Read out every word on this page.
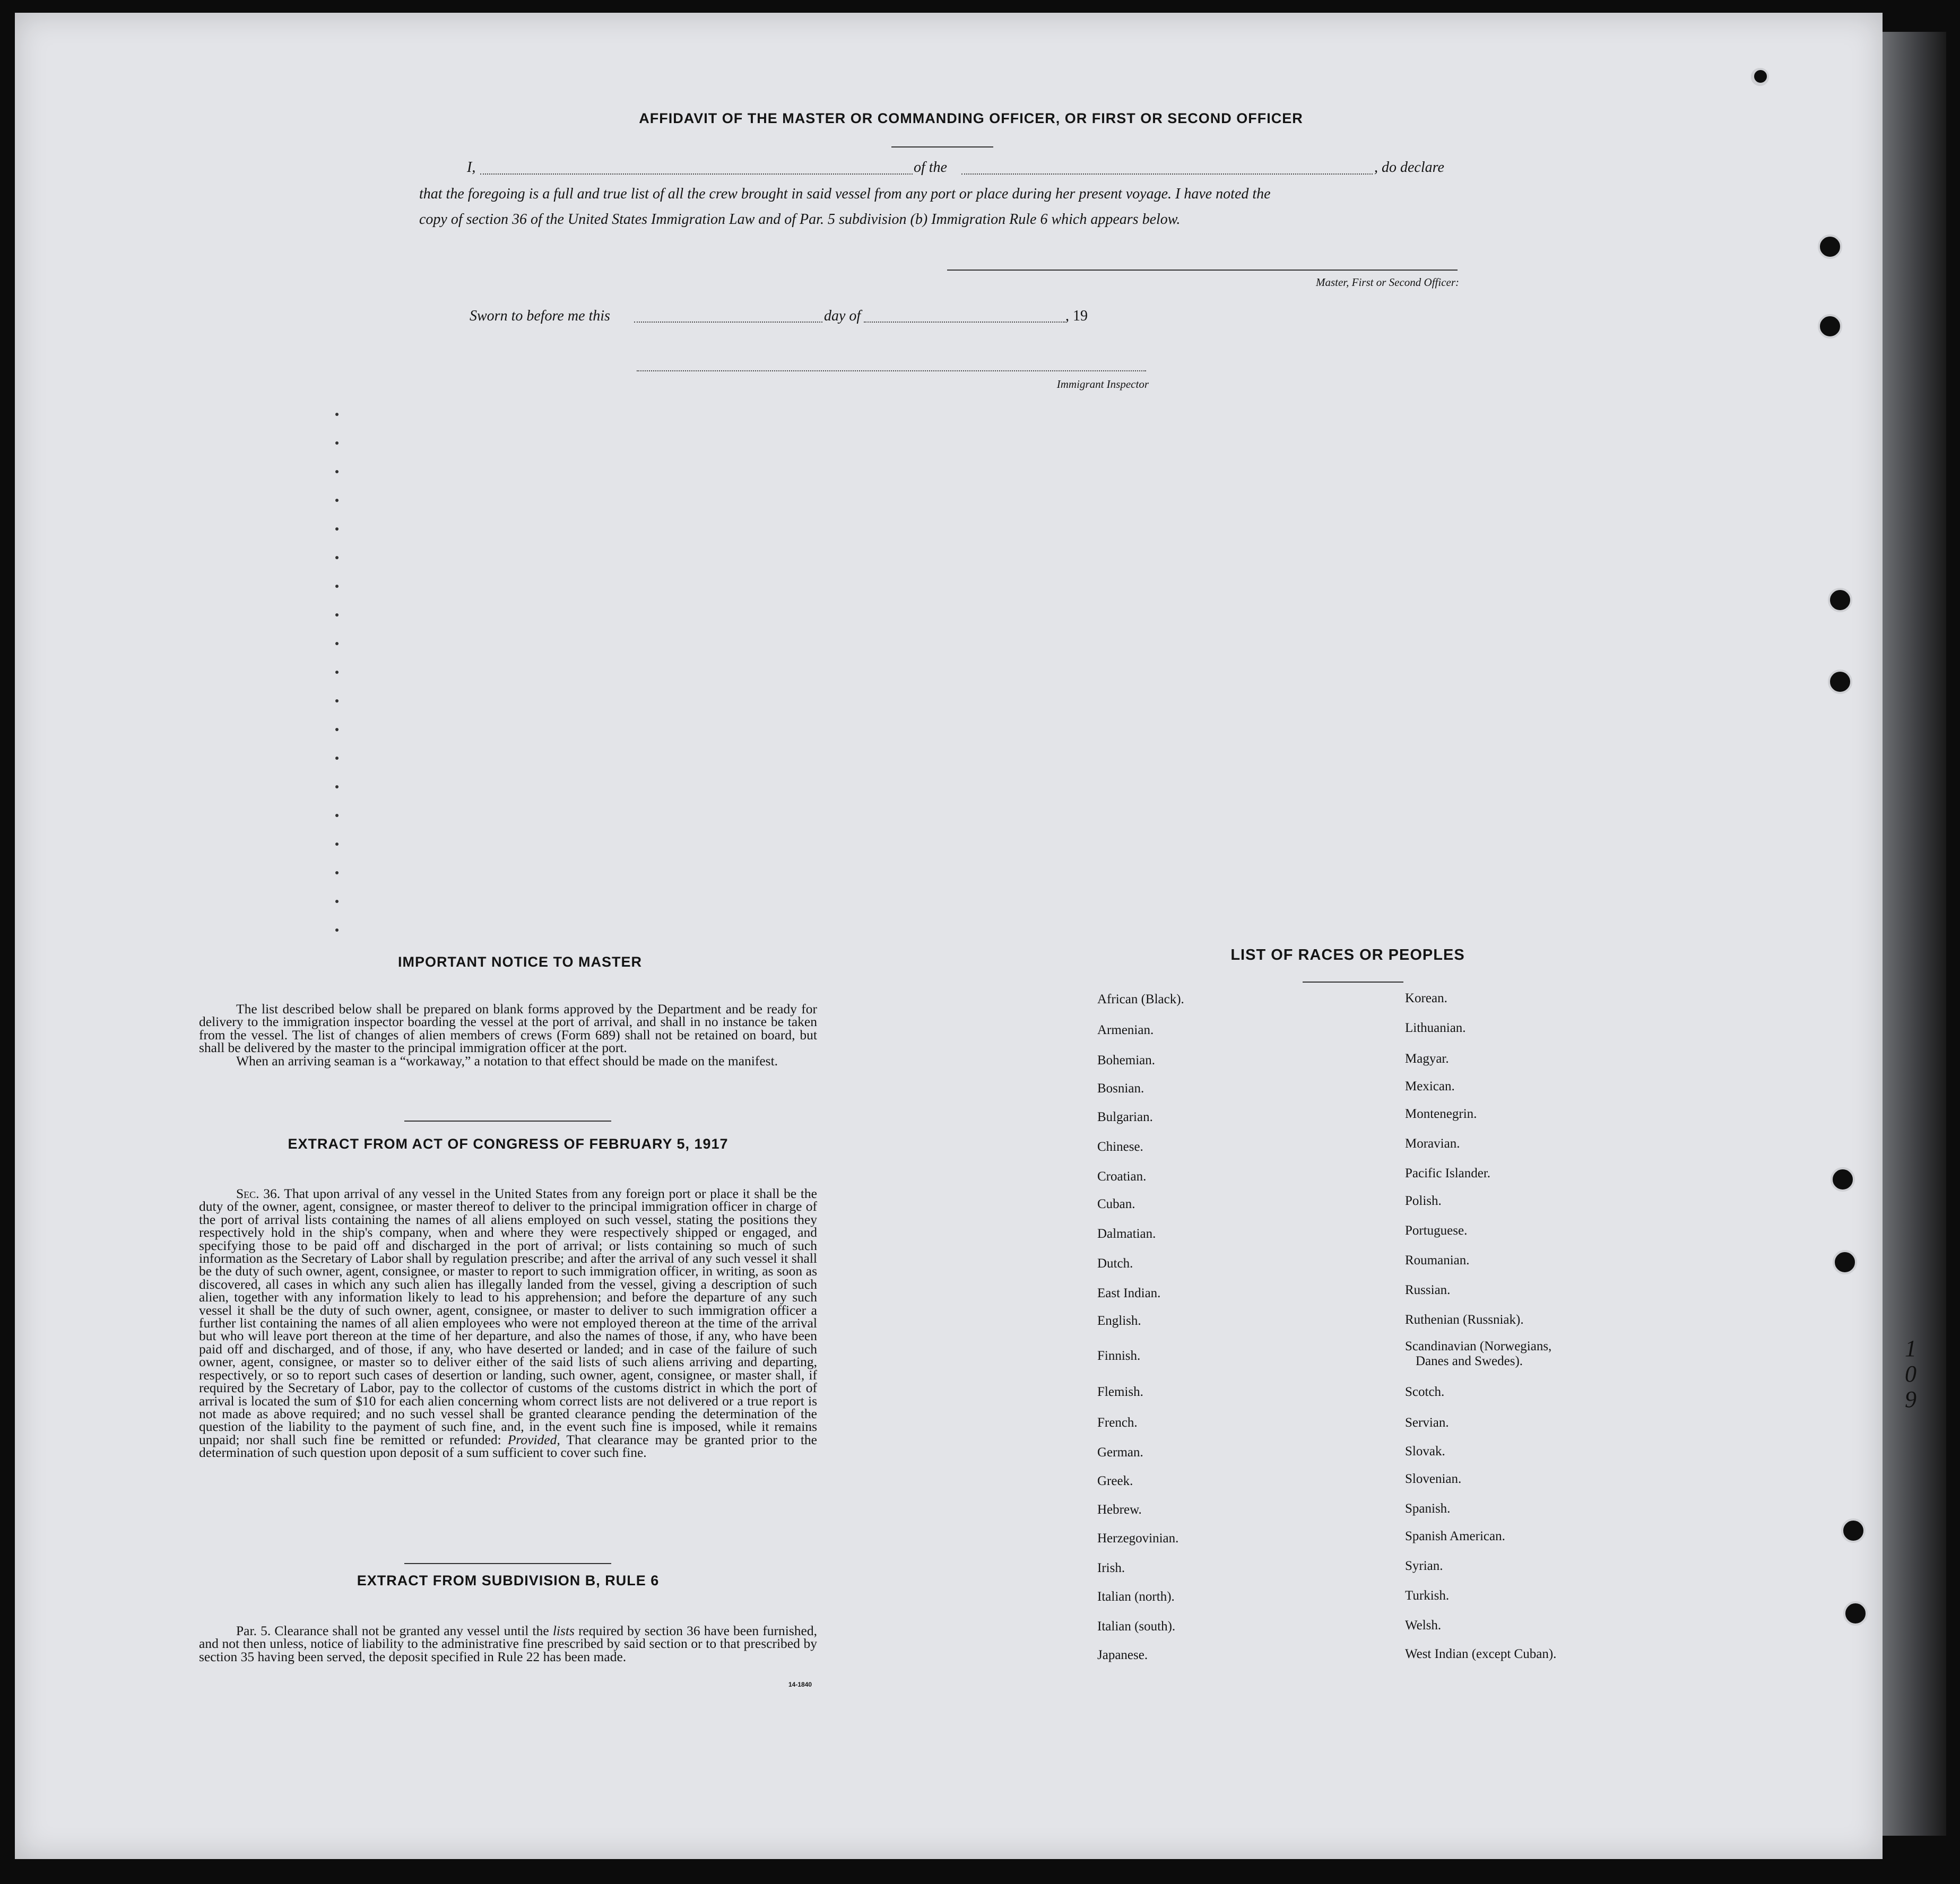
AFFIDAVIT OF THE MASTER OR COMMANDING OFFICER, OR FIRST OR SECOND OFFICER
I,	of the	, do declare
that the foregoing is a full and true list of all the crew brought in said vessel from any port or place during her present voyage. I have noted the
copy of section 36 of the United States Immigration Law and of Par. 5 subdivision (b) Immigration Rule 6 which appears below.
Master, First or Second Officer:
Sworn to before me this	day of	, 19
Immigrant Inspector
IMPORTANT NOTICE TO MASTER

The list described below shall be prepared on blank forms approved by the Department and be ready for delivery to the immigration inspector boarding the vessel at the port of arrival, and shall in no instance be taken from the vessel. The list of changes of alien members of crews (Form 689) shall not be retained on board, but shall be delivered by the master to the principal immigration officer at the port.

When an arriving seaman is a “workaway,” a notation to that effect should be made on the manifest.

EXTRACT FROM ACT OF CONGRESS OF FEBRUARY 5, 1917

Sec. 36. That upon arrival of any vessel in the United States from any foreign port or place it shall be the duty of the owner, agent, consignee, or master thereof to deliver to the principal immigration officer in charge of the port of arrival lists containing the names of all aliens employed on such vessel, stating the positions they respectively hold in the ship's company, when and where they were respectively shipped or engaged, and specifying those to be paid off and discharged in the port of arrival; or lists containing so much of such information as the Secretary of Labor shall by regulation prescribe; and after the arrival of any such vessel it shall be the duty of such owner, agent, consignee, or master to report to such immigration officer, in writing, as soon as discovered, all cases in which any such alien has illegally landed from the vessel, giving a description of such alien, together with any information likely to lead to his apprehension; and before the departure of any such vessel it shall be the duty of such owner, agent, consignee, or master to deliver to such immigration officer a further list containing the names of all alien employees who were not employed thereon at the time of the arrival but who will leave port thereon at the time of her departure, and also the names of those, if any, who have been paid off and discharged, and of those, if any, who have deserted or landed; and in case of the failure of such owner, agent, consignee, or master so to deliver either of the said lists of such aliens arriving and departing, respectively, or so to report such cases of desertion or landing, such owner, agent, consignee, or master shall, if required by the Secretary of Labor, pay to the collector of customs of the customs district in which the port of arrival is located the sum of $10 for each alien concerning whom correct lists are not delivered or a true report is not made as above required; and no such vessel shall be granted clearance pending the determination of the question of the liability to the payment of such fine, and, in the event such fine is imposed, while it remains unpaid; nor shall such fine be remitted or refunded: Provided, That clearance may be granted prior to the determination of such question upon deposit of a sum sufficient to cover such fine.

EXTRACT FROM SUBDIVISION B, RULE 6

Par. 5. Clearance shall not be granted any vessel until the lists required by section 36 have been furnished, and not then unless, notice of liability to the administrative fine prescribed by said section or to that prescribed by section 35 having been served, the deposit specified in Rule 22 has been made.

14-1840
LIST OF RACES OR PEOPLES
African (Black).
Armenian.
Bohemian.
Bosnian.
Bulgarian.
Chinese.
Croatian.
Cuban.
Dalmatian.
Dutch.
East Indian.
English.
Finnish.
Flemish.
French.
German.
Greek.
Hebrew.
Herzegovinian.
Irish.
Italian (north).
Italian (south).
Japanese.
Korean.
Lithuanian.
Magyar.
Mexican.
Montenegrin.
Moravian.
Pacific Islander.
Polish.
Portuguese.
Roumanian.
Russian.
Ruthenian (Russniak).
Scandinavian (Norwegians,
Danes and Swedes).
Scotch.
Servian.
Slovak.
Slovenian.
Spanish.
Spanish American.
Syrian.
Turkish.
Welsh.
West Indian (except Cuban).
1 0 9
